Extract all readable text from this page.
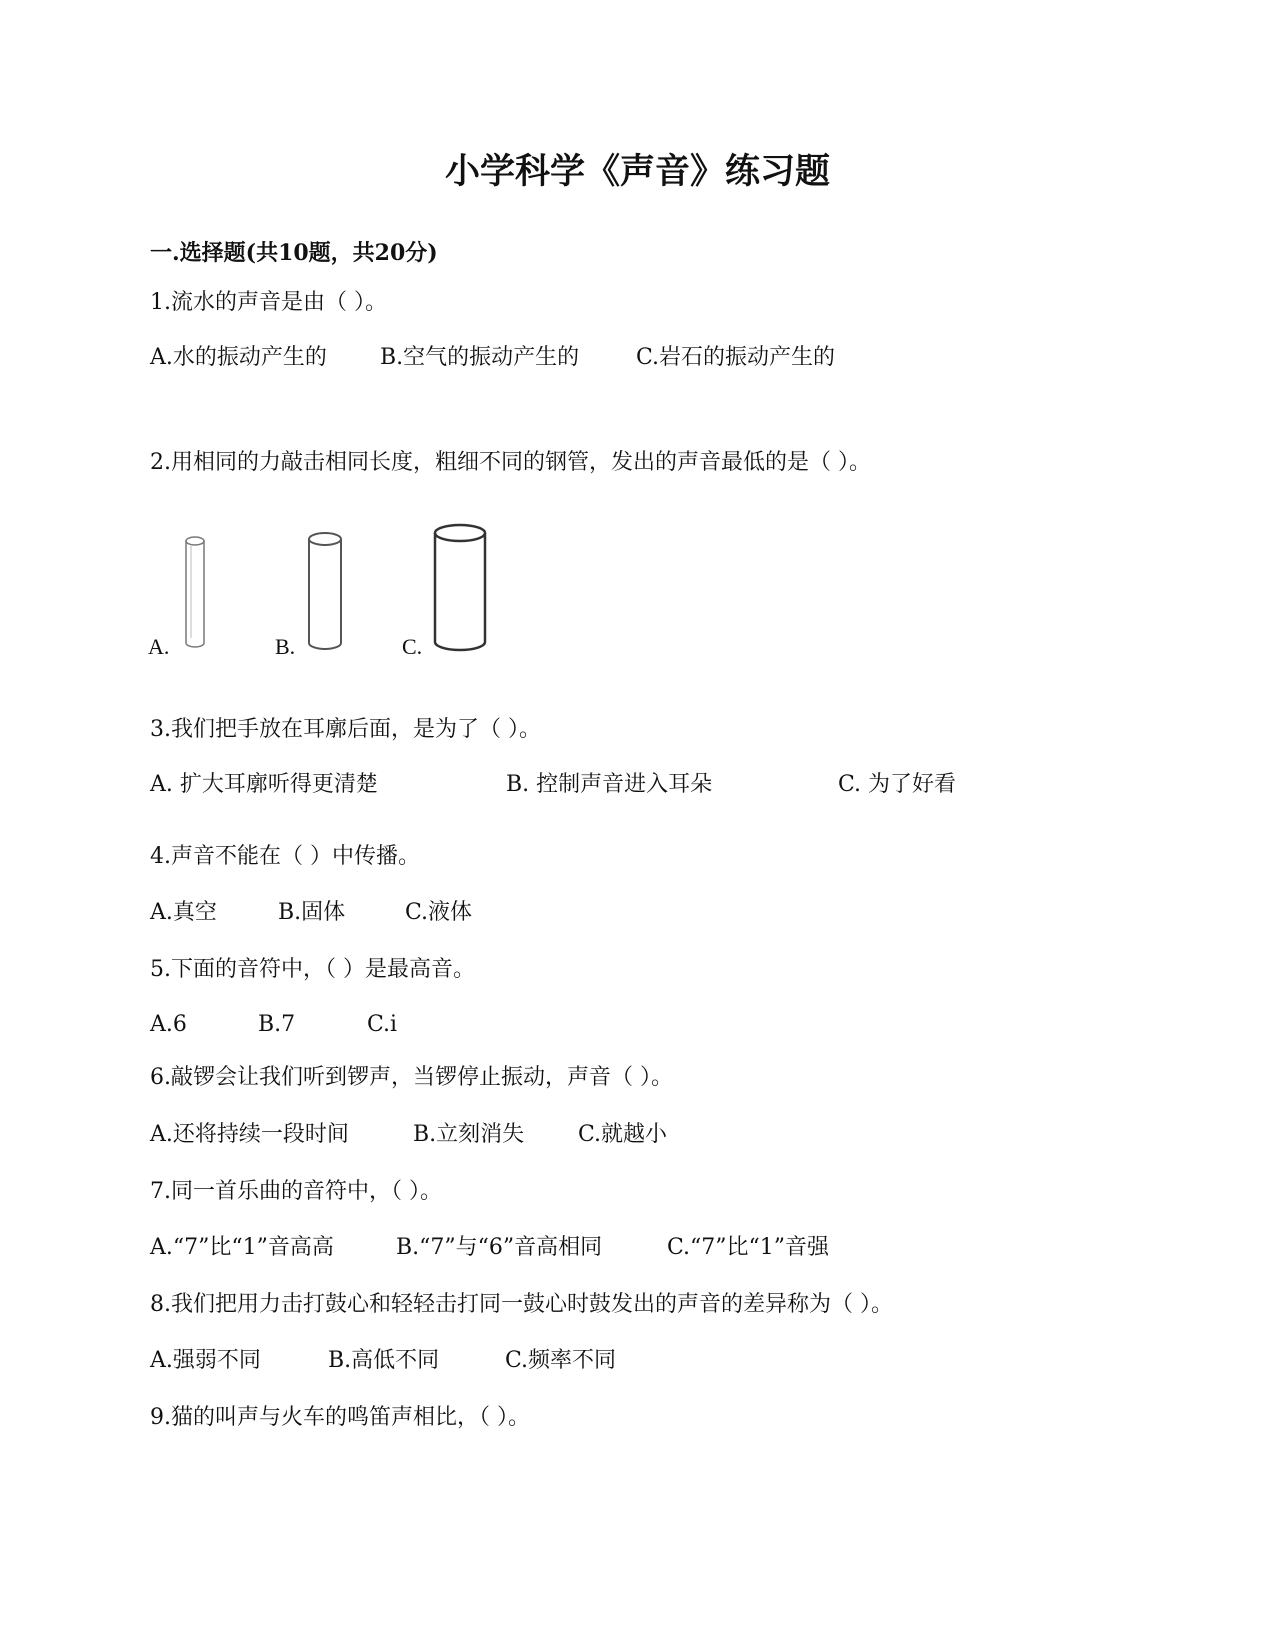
小学科学《声音》练习题
一.选择题(共10题，共20分)
1.流水的声音是由（ ）。
A.水的振动产生的 B.空气的振动产生的	C.岩石的振动产生的
2.用相同的力敲击相同长度，粗细不同的钢管，发出的声音最低的是（ ）。
A.	B.	C.
3.我们把手放在耳廓后面，是为了（ ）。
A. 扩大耳廓听得更清楚	B. 控制声音进入耳朵	C. 为了好看
4.声音不能在（ ）中传播。
A.真空	B.固体	C.液体
5.下面的音符中，（ ）是最高音。
A.6	B.7	C.i
6.敲锣会让我们听到锣声，当锣停止振动，声音（ ）。
A.还将持续一段时间	B.立刻消失 C.就越小
7.同一首乐曲的音符中，（ ）。
A.“7”比“1”音高高	B.“7”与“6”音高相同	C.“7”比“1”音强
8.我们把用力击打鼓心和轻轻击打同一鼓心时鼓发出的声音的差异称为（ ）。
A.强弱不同	B.高低不同	C.频率不同
9.猫的叫声与火车的鸣笛声相比，（ ）。
